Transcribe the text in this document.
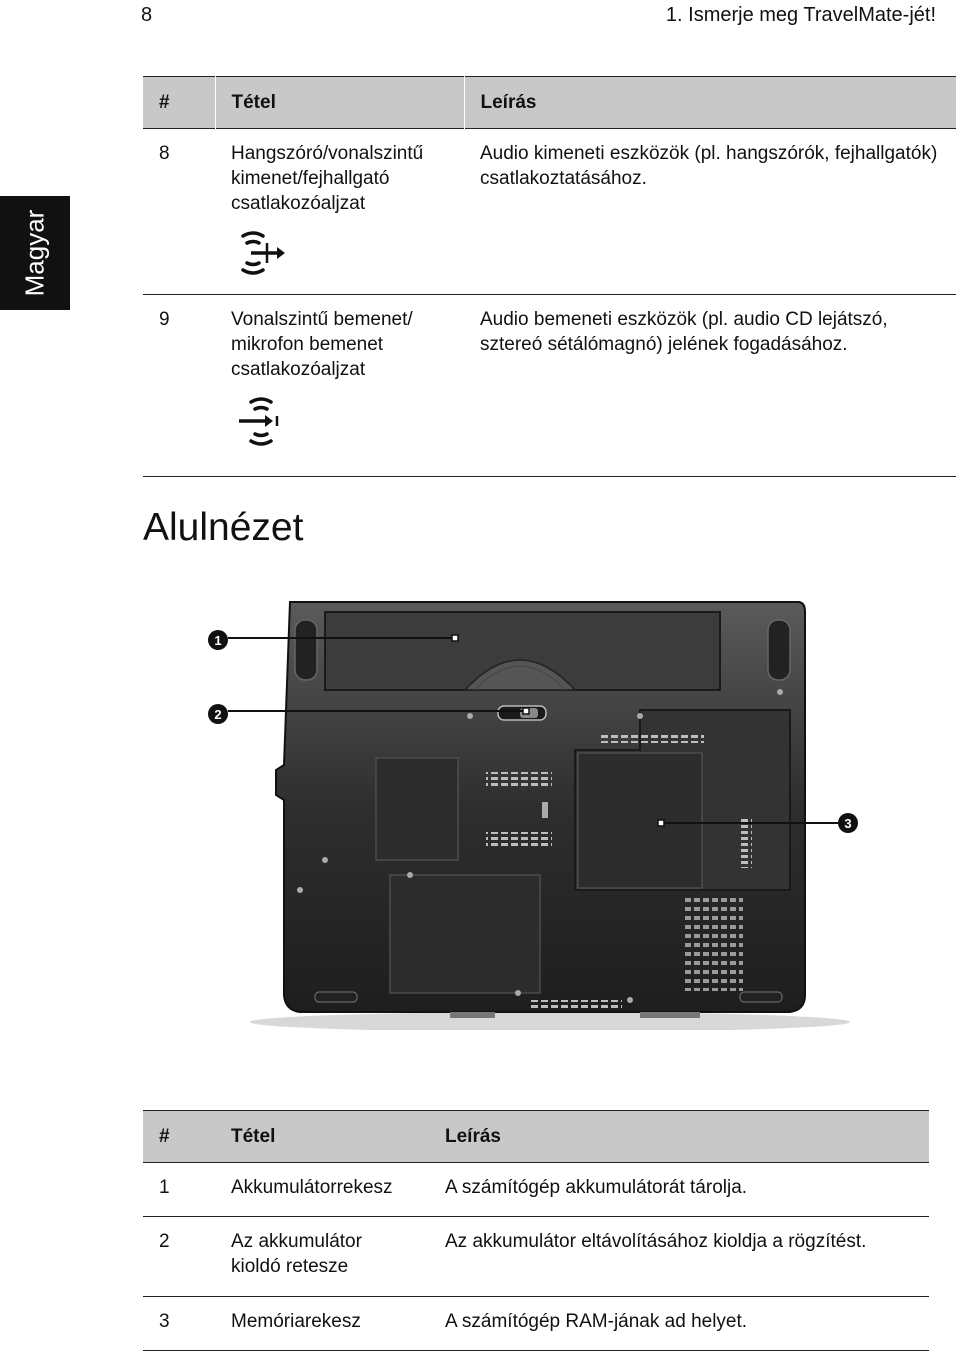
8	1. Ismerje meg TravelMate-jét!
Magyar
#	Tétel	Leírás
8	Hangszóró/vonalszintű kimenet/fejhallgató csatlakozóaljzat	Audio kimeneti eszközök (pl. hangszórók, fejhallgatók) csatlakoztatásához.
9	Vonalszintű bemenet/ mikrofon bemenet csatlakozóaljzat	Audio bemeneti eszközök (pl. audio CD lejátszó, sztereó sétálómagnó) jelének fogadásához.
Alulnézet
1
2
3
#	Tétel	Leírás
1	Akkumulátorrekesz	A számítógép akkumulátorát tárolja.
2	Az akkumulátor kioldó retesze	Az akkumulátor eltávolításához kioldja a rögzítést.
3	Memóriarekesz	A számítógép RAM-jának ad helyet.
